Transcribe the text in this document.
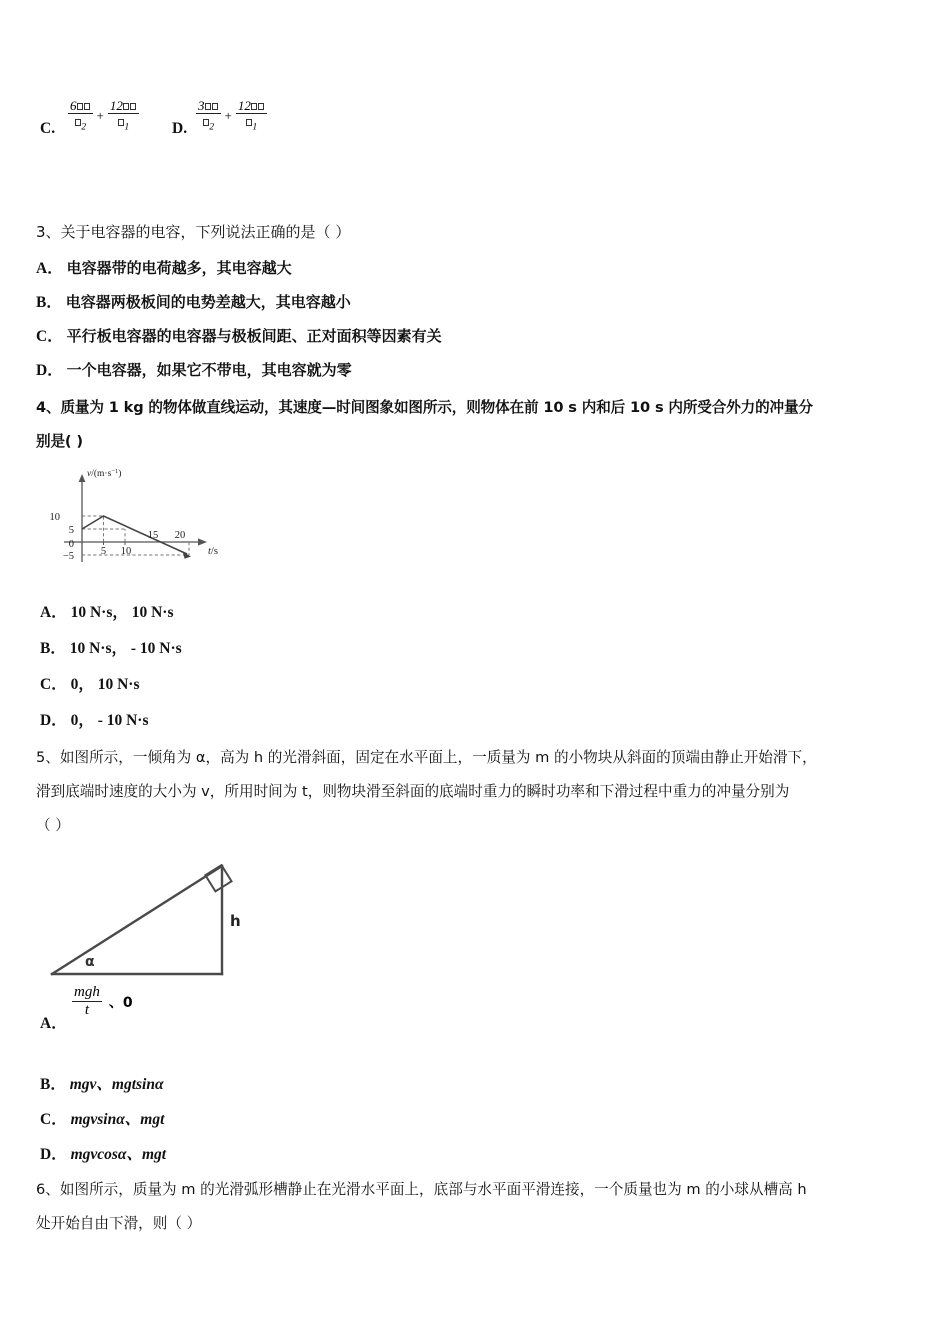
C. $\frac{6}{_2} + \frac{12}{_1} D$. $\frac{3}{_2} + \frac{12}{_1}$
3、关于电容器的电容，下列说法正确的是（ ）
A． 电容器带的电荷越多，其电容越大
B． 电容器两极板间的电势差越大，其电容越小
C． 平行板电容器的电容器与极板间距、正对面积等因素有关
D． 一个电容器，如果它不带电，其电容就为零
4、质量为 1 kg 的物体做直线运动，其速度—时间图象如图所示，则物体在前 10 s 内和后 10 s 内所受合外力的冲量分
别是( )
$v/(m\cdot s^{-1})$
10
5
0
−5	5 10
15 20
t/s
A． 10 N·s， 10 N·s
B． 10 N·s， - 10 N·s
C． 0， 10 N·s
D． 0， - 10 N·s
5、如图所示，一倾角为 α，高为 h 的光滑斜面，固定在水平面上，一质量为 m 的小物块从斜面的顶端由静止开始滑下，
滑到底端时速度的大小为 v，所用时间为 t，则物块滑至斜面的底端时重力的瞬时功率和下滑过程中重力的冲量分别为
（ ）
α
h
A．
$\frac{\text{mgh}}{t}$ 、0
B． mgv、mgtsinα
C． mgvsinα、mgt
D． mgvcosα、mgt
6、如图所示，质量为 m 的光滑弧形槽静止在光滑水平面上，底部与水平面平滑连接，一个质量也为 m 的小球从槽高 h
处开始自由下滑，则（ ）
